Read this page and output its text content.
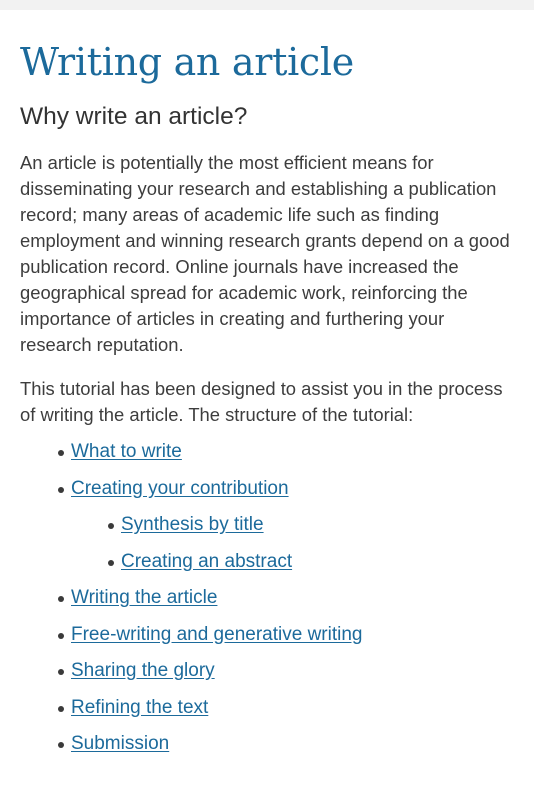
Writing an article
Why write an article?

An article is potentially the most efficient means for disseminating your research and establishing a publication record; many areas of academic life such as finding employment and winning research grants depend on a good publication record. Online journals have increased the geographical spread for academic work, reinforcing the importance of articles in creating and furthering your research reputation.

This tutorial has been designed to assist you in the process of writing the article. The structure of the tutorial:

What to write
Creating your contribution
Synthesis by title
Creating an abstract
Writing the article
Free-writing and generative writing
Sharing the glory
Refining the text
Submission
